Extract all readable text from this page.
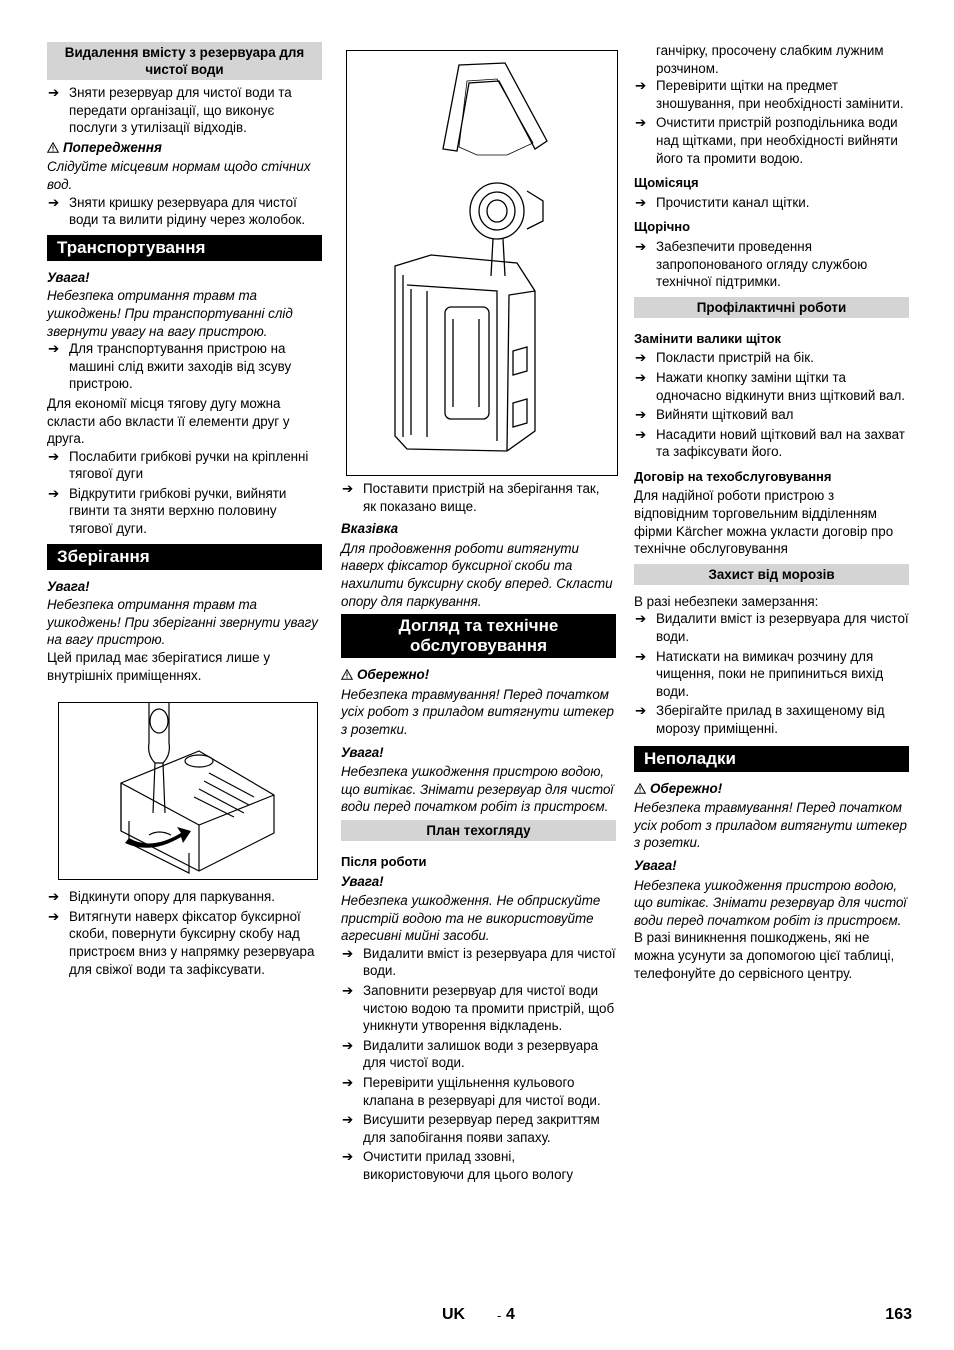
Видалення вмісту з резервуара для чистої води
➔ Зняти резервуар для чистої води та передати організації, що виконує послуги з утилізації відходів.

Попередження

Слідуйте місцевим нормам щодо стічних вод.

➔ Зняти кришку резервуара для чистої води та вилити рідину через жолобок.
Транспортування

Увага!

Небезпека отримання травм та ушкоджень! При транспортуванні слід звернути увагу на вагу пристрою.

➔ Для транспортування пристрою на машині слід вжити заходів від зсуву пристрою.

Для економії місця тягову дугу можна скласти або вкласти її елементи друг у друга.

➔ Послабити грибкові ручки на кріпленні тягової дуги
➔ Відкрутити грибкові ручки, вийняти гвинти та зняти верхню половину тягової дуги.
Зберігання

Увага!

Небезпека отримання травм та ушкоджень! При зберіганні звернути увагу на вагу пристрою.

Цей прилад має зберігатися лише у внутрішніх приміщеннях.

➔ Відкинути опору для паркування.
➔ Витягнути наверх фіксатор буксирної скоби, повернути буксирну скобу над пристроєм вниз у напрямку резервуара для свіжої води та зафіксувати.
➔ Поставити пристрій на зберігання так, як показано вище.

Вказівка

Для продовження роботи витягнути наверх фіксатор буксирної скоби та нахилити буксирну скобу вперед. Скласти опору для паркування.

Догляд та технічне обслуговування

Обережно!

Небезпека травмування! Перед початком усіх робот з приладом витягнути штекер з розетки.

Увага!

Небезпека ушкодження пристрою водою, що витікає. Знімати резервуар для чистої води перед початком робіт із пристроєм.

План техогляду

Після роботи

Увага!

Небезпека ушкодження. Не обприскуйте пристрій водою та не використовуйте агресивні мийні засоби.

➔ Видалити вміст із резервуара для чистої води.
➔ Заповнити резервуар для чистої води чистою водою та промити пристрій, щоб уникнути утворення відкладень.
➔ Видалити залишок води з резервуара для чистої води.
➔ Перевірити ущільнення кульового клапана в резервуарі для чистої води.
➔ Висушити резервуар перед закриттям для запобігання появи запаху.
➔ Очистити прилад ззовні, використовуючи для цього вологу

ганчірку, просочену слабким лужним розчином.

➔ Перевірити щітки на предмет зношування, при необхідності замінити.
➔ Очистити пристрій розподільника води над щітками, при необхідності вийняти його та промити водою.

Щомісяця

➔ Прочистити канал щітки.

Щорічно

➔ Забезпечити проведення запропонованого огляду службою технічної підтримки.
Профілактичні роботи

Замінити валики щіток

➔ Покласти пристрій на бік.
➔ Нажати кнопку заміни щітки та одночасно відкинути вниз щітковий вал.
➔ Вийняти щітковий вал
➔ Насадити новий щітковий вал на захват та зафіксувати його.

Договір на техобслуговування

Для надійної роботи пристрою з відповідним торговельним відділенням фірми Kärcher можна укласти договір про технічне обслуговування

Захист від морозів

В разі небезпеки замерзання:

➔ Видалити вміст із резервуара для чистої води.
➔ Натискати на вимикач розчину для чищення, поки не припиниться вихід води.
➔ Зберігайте прилад в захищеному від морозу приміщенні.
Неполадки

Обережно!

Небезпека травмування! Перед початком усіх робот з приладом витягнути штекер з розетки.

Увага!

Небезпека ушкодження пристрою водою, що витікає. Знімати резервуар для чистої води перед початком робіт із пристроєм.

В разі виникнення пошкоджень, які не можна усунути за допомогою цієї таблиці, телефонуйте до сервісного центру.

UK - 4	163
